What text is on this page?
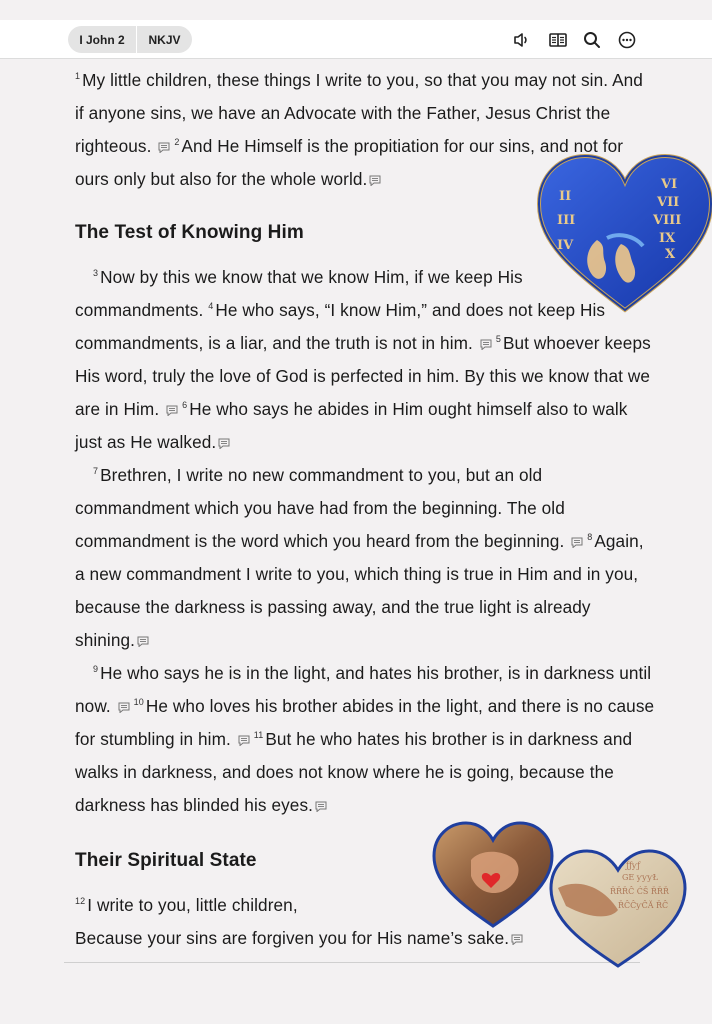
I John 2	NKJV

$^1$ My little children, these things I write to you, so that you may not sin. And if anyone sins, we have an Advocate with the Father, Jesus Christ the righteous.	$^2$ And He Himself is the propitiation for our sins, and not for ours only but also for the whole world.

The Test of Knowing Him

$^3$ Now by this we know that we know Him, if we keep His commandments. $^4$ He who says, “I know Him,” and does not keep His commandments, is a liar, and the truth is not in him.	$^5$ But whoever keeps His word, truly the love of God is perfected in him. By this we know that we are in Him.	$^6$ He who says he abides in Him ought himself also to walk just as He walked.

$^7$ Brethren, I write no new commandment to you, but an old commandment which you have had from the beginning. The old commandment is the word which you heard from the beginning.	$^8$ Again, a new commandment I write to you, which thing is true in Him and in you, because the darkness is passing away, and the true light is already shining.

$^9$ He who says he is in the light, and hates his brother, is in darkness until now.	$^{10}$ He who loves his brother abides in the light, and there is no cause for stumbling in him.	$^{11}$ But he who hates his brother is in darkness and walks in darkness, and does not know where he is going, because the darkness has blinded his eyes.

Their Spiritual State

$^{12}$ I write to you, little children,
Because your sins are forgiven you for His name’s sake.

II
III
IV
VI
VII
VIII
IX
X
ƒƒƴƒ
GE ƴƴƴŁ
ŘŘŘĈ ĆŠ ŘŘŘ
ŘĈĈƴĈĂ ŘĈ
